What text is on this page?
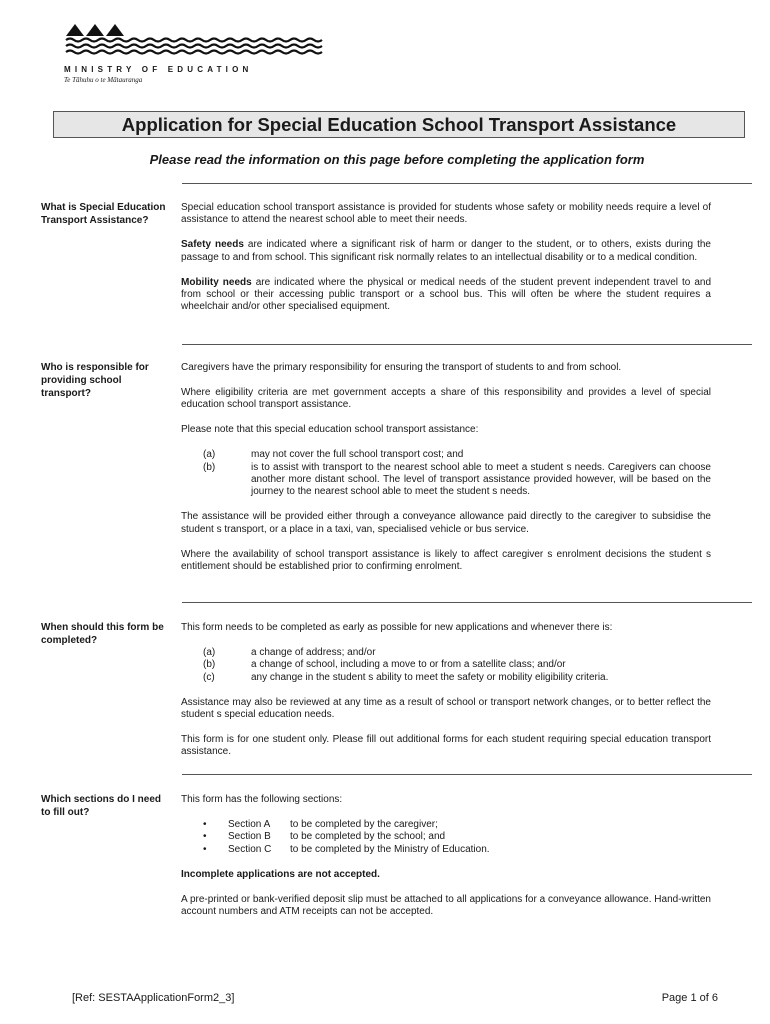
MINISTRY OF EDUCATION
Te Tāhuhu o te Mātauranga
Application for Special Education School Transport Assistance
Please read the information on this page before completing the application form
What is Special Education Transport Assistance?

Special education school transport assistance is provided for students whose safety or mobility needs require a level of assistance to attend the nearest school able to meet their needs.

Safety needs are indicated where a significant risk of harm or danger to the student, or to others, exists during the passage to and from school. This significant risk normally relates to an intellectual disability or to a medical condition.

Mobility needs are indicated where the physical or medical needs of the student prevent independent travel to and from school or their accessing public transport or a school bus. This will often be where the student requires a wheelchair and/or other specialised equipment.

Who is responsible for providing school transport?

Caregivers have the primary responsibility for ensuring the transport of students to and from school.

Where eligibility criteria are met government accepts a share of this responsibility and provides a level of special education school transport assistance.

Please note that this special education school transport assistance:

(a)	may not cover the full school transport cost; and
(b)	is to assist with transport to the nearest school able to meet a student s needs. Caregivers can choose another more distant school. The level of transport assistance provided however, will be based on the journey to the nearest school able to meet the student s needs.

The assistance will be provided either through a conveyance allowance paid directly to the caregiver to subsidise the student s transport, or a place in a taxi, van, specialised vehicle or bus service.

Where the availability of school transport assistance is likely to affect caregiver s enrolment decisions the student s entitlement should be established prior to confirming enrolment.

When should this form be completed?

This form needs to be completed as early as possible for new applications and whenever there is:

(a)	a change of address; and/or
(b)	a change of school, including a move to or from a satellite class; and/or
(c)	any change in the student s ability to meet the safety or mobility eligibility criteria.

Assistance may also be reviewed at any time as a result of school or transport network changes, or to better reflect the student s special education needs.

This form is for one student only. Please fill out additional forms for each student requiring special education transport assistance.

Which sections do I need to fill out?

This form has the following sections:

• Section A to be completed by the caregiver;
• Section B to be completed by the school; and
• Section C to be completed by the Ministry of Education.

Incomplete applications are not accepted.

A pre-printed or bank-verified deposit slip must be attached to all applications for a conveyance allowance. Hand-written account numbers and ATM receipts can not be accepted.

[Ref: SESTAApplicationForm2_3]	Page 1 of 6
